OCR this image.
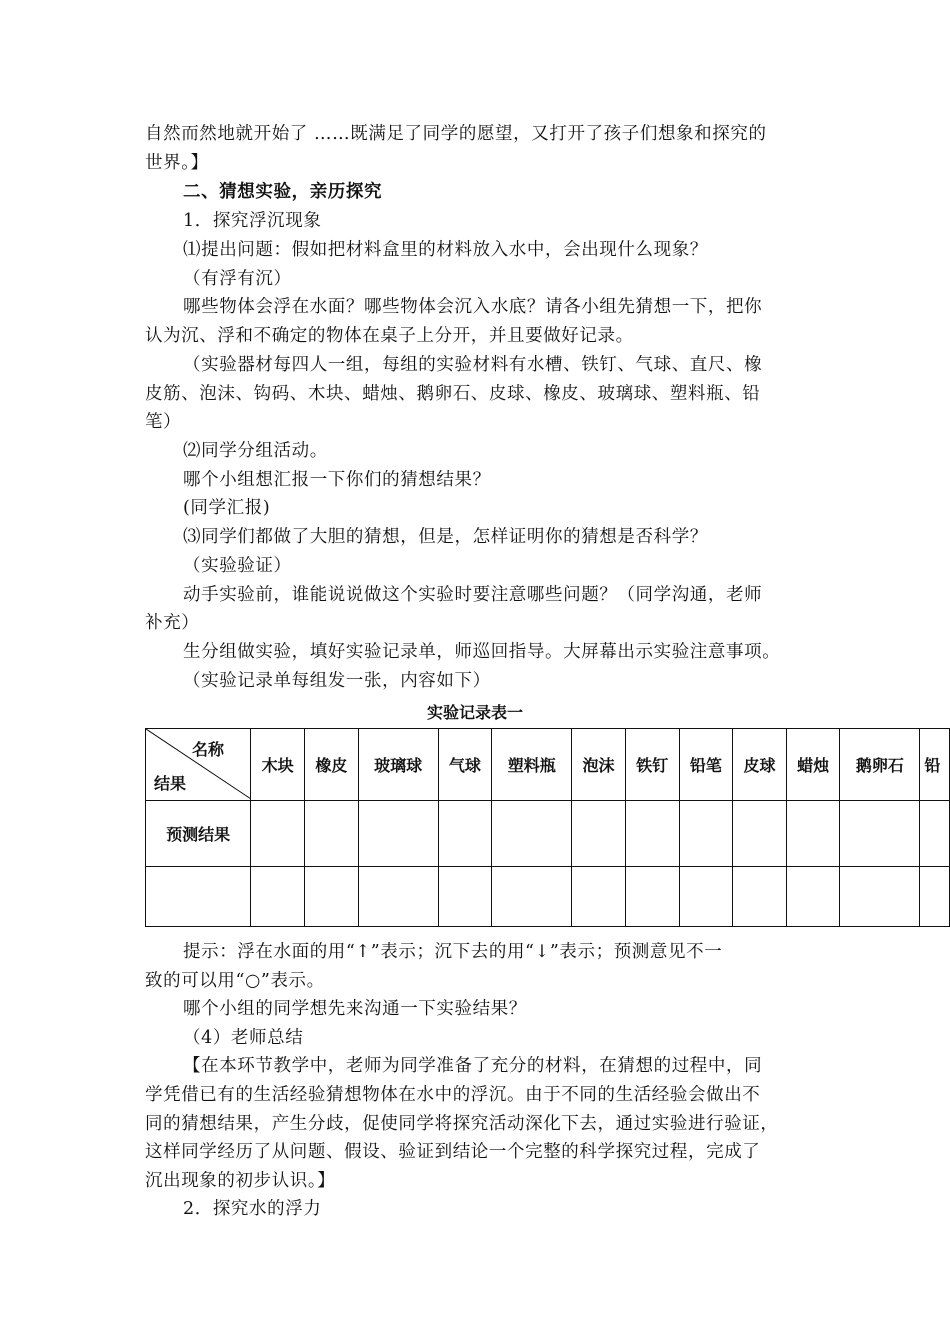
自然而然地就开始了 ……既满足了同学的愿望，又打开了孩子们想象和探究的
世界。】
二、猜想实验，亲历探究
1．探究浮沉现象
⑴提出问题：假如把材料盒里的材料放入水中，会出现什么现象？
（有浮有沉）
哪些物体会浮在水面？哪些物体会沉入水底？请各小组先猜想一下，把你
认为沉、浮和不确定的物体在桌子上分开，并且要做好记录。
（实验器材每四人一组，每组的实验材料有水槽、铁钉、气球、直尺、橡
皮筋、泡沫、钩码、木块、蜡烛、鹅卵石、皮球、橡皮、玻璃球、塑料瓶、铅
笔）
⑵同学分组活动。
哪个小组想汇报一下你们的猜想结果？
(同学汇报)
⑶同学们都做了大胆的猜想，但是，怎样证明你的猜想是否科学？
（实验验证）
动手实验前，谁能说说做这个实验时要注意哪些问题？（同学沟通，老师
补充）
生分组做实验，填好实验记录单，师巡回指导。大屏幕出示实验注意事项。
（实验记录单每组发一张，内容如下）
实验记录表一
名称
结果	木块	橡皮	玻璃球	气球	塑料瓶	泡沫	铁钉	铅笔	皮球	蜡烛	鹅卵石	铅
预测结果												

提示：浮在水面的用“↑”表示；沉下去的用“↓”表示；预测意见不一
致的可以用“○”表示。
哪个小组的同学想先来沟通一下实验结果？
（4）老师总结
【在本环节教学中，老师为同学准备了充分的材料，在猜想的过程中，同
学凭借已有的生活经验猜想物体在水中的浮沉。由于不同的生活经验会做出不
同的猜想结果，产生分歧，促使同学将探究活动深化下去，通过实验进行验证，
这样同学经历了从问题、假设、验证到结论一个完整的科学探究过程，完成了
沉出现象的初步认识。】
2．探究水的浮力
